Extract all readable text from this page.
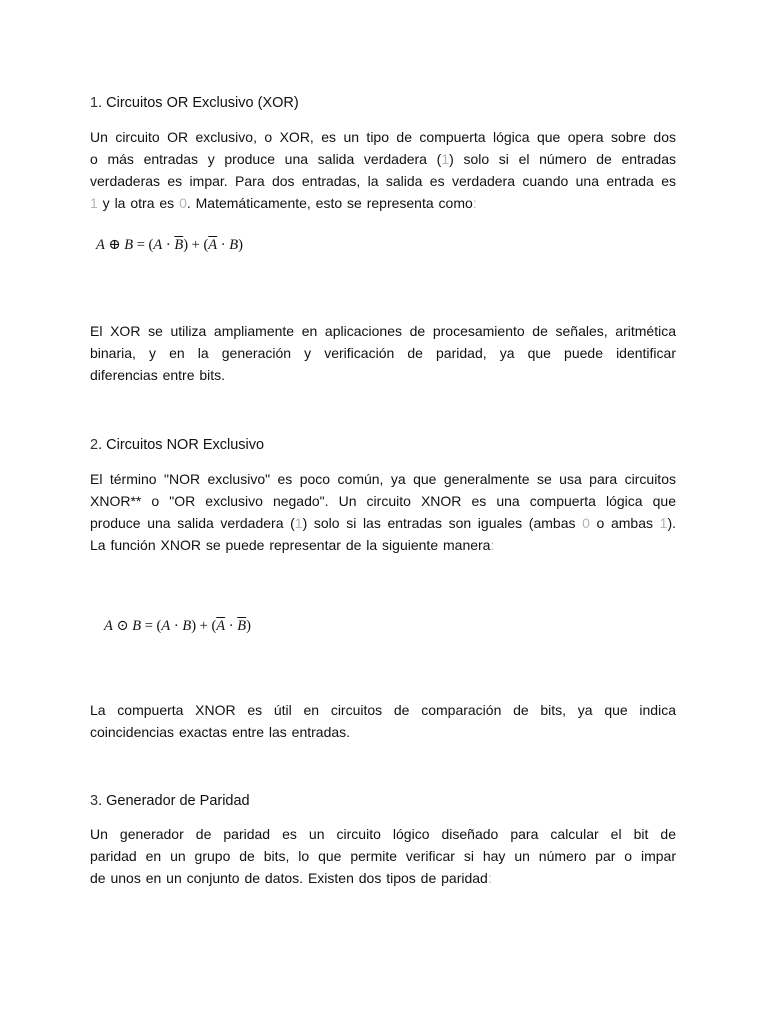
1. Circuitos OR Exclusivo (XOR)

Un circuito OR exclusivo, o XOR, es un tipo de compuerta lógica que opera sobre dos
o más entradas y produce una salida verdadera (1) solo si el número de entradas
verdaderas es impar. Para dos entradas, la salida es verdadera cuando una entrada es
1 y la otra es 0. Matemáticamente, esto se representa como:

A ⊕ $B = (A \cdot \overline{B}) + (\overline{A} \cdot B)$

El XOR se utiliza ampliamente en aplicaciones de procesamiento de señales, aritmética
binaria, y en la generación y verificación de paridad, ya que puede identificar
diferencias entre bits.

2. Circuitos NOR Exclusivo

El término "NOR exclusivo" es poco común, ya que generalmente se usa para circuitos
XNOR** o "OR exclusivo negado". Un circuito XNOR es una compuerta lógica que
produce una salida verdadera (1) solo si las entradas son iguales (ambas 0 o ambas 1).
La función XNOR se puede representar de la siguiente manera:

A ⊙ $B = (A \cdot B) + (\overline{A} \cdot \overline{B})$

La compuerta XNOR es útil en circuitos de comparación de bits, ya que indica
coincidencias exactas entre las entradas.

3. Generador de Paridad

Un generador de paridad es un circuito lógico diseñado para calcular el bit de
paridad en un grupo de bits, lo que permite verificar si hay un número par o impar
de unos en un conjunto de datos. Existen dos tipos de paridad:
